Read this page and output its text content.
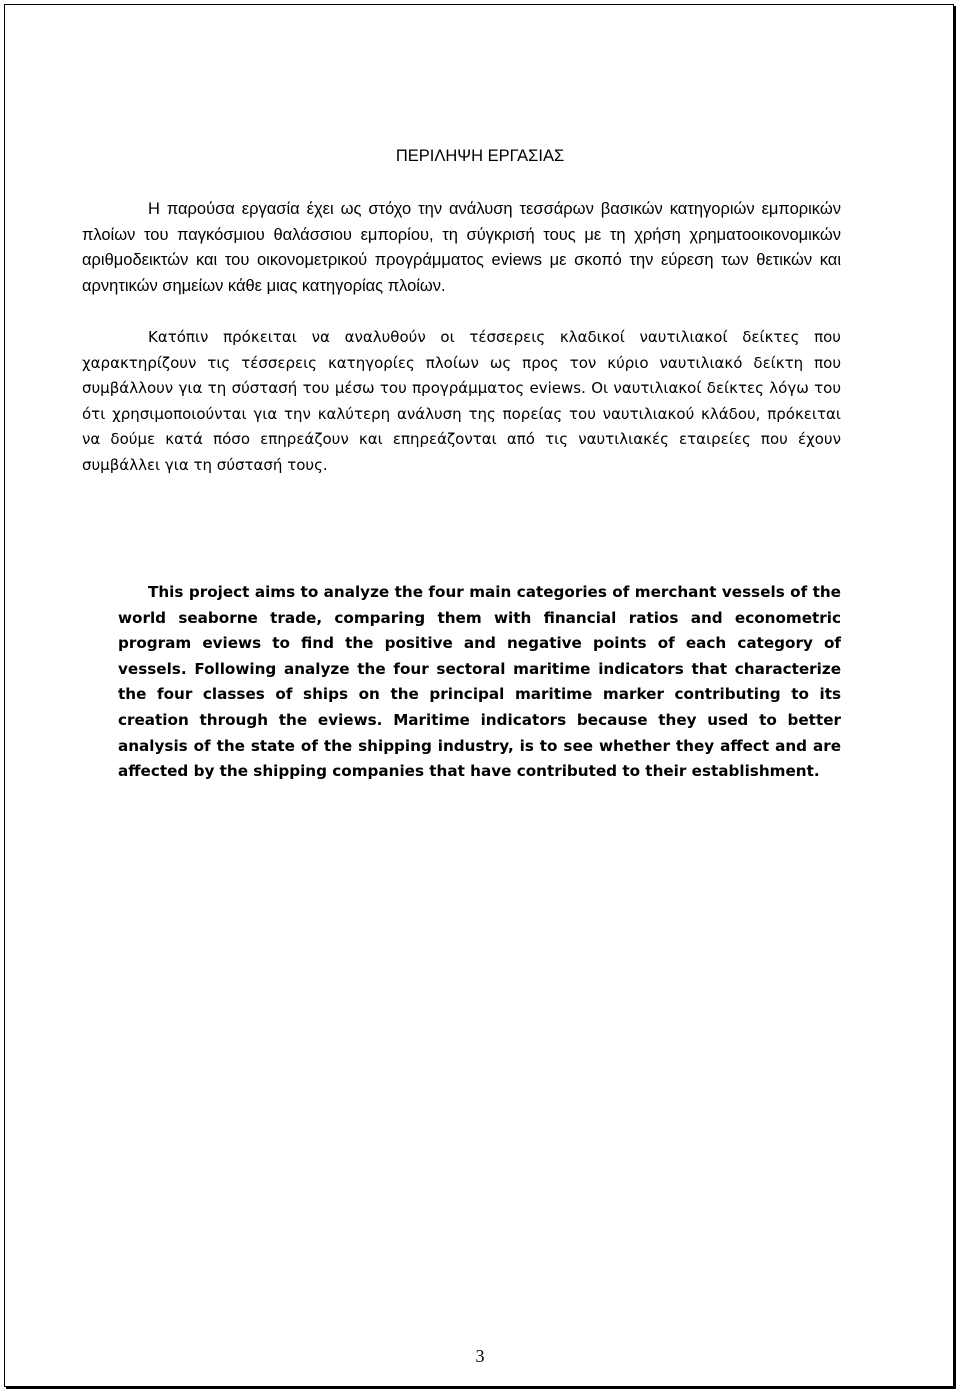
ΠΕΡΙΛΗΨΗ ΕΡΓΑΣΙΑΣ

Η παρούσα εργασία έχει ως στόχο την ανάλυση τεσσάρων βασικών κατηγοριών εμπορικών πλοίων του παγκόσμιου θαλάσσιου εμπορίου, τη σύγκρισή τους με τη χρήση χρηματοοικονομικών αριθμοδεικτών και του οικονομετρικού προγράμματος eviews με σκοπό την εύρεση των θετικών και αρνητικών σημείων κάθε μιας κατηγορίας πλοίων.

Κατόπιν πρόκειται να αναλυθούν οι τέσσερεις κλαδικοί ναυτιλιακοί δείκτες που χαρακτηρίζουν τις τέσσερεις κατηγορίες πλοίων ως προς τον κύριο ναυτιλιακό δείκτη που συμβάλλουν για τη σύστασή του μέσω του προγράμματος eviews. Οι ναυτιλιακοί δείκτες λόγω του ότι χρησιμοποιούνται για την καλύτερη ανάλυση της πορείας του ναυτιλιακού κλάδου, πρόκειται να δούμε κατά πόσο επηρεάζουν και επηρεάζονται από τις ναυτιλιακές εταιρείες που έχουν συμβάλλει για τη σύστασή τους.

This project aims to analyze the four main categories of merchant vessels of the world seaborne trade, comparing them with financial ratios and econometric program eviews to find the positive and negative points of each category of vessels. Following analyze the four sectoral maritime indicators that characterize the four classes of ships on the principal maritime marker contributing to its creation through the eviews. Maritime indicators because they used to better analysis of the state of the shipping industry, is to see whether they affect and are affected by the shipping companies that have contributed to their establishment.

3
